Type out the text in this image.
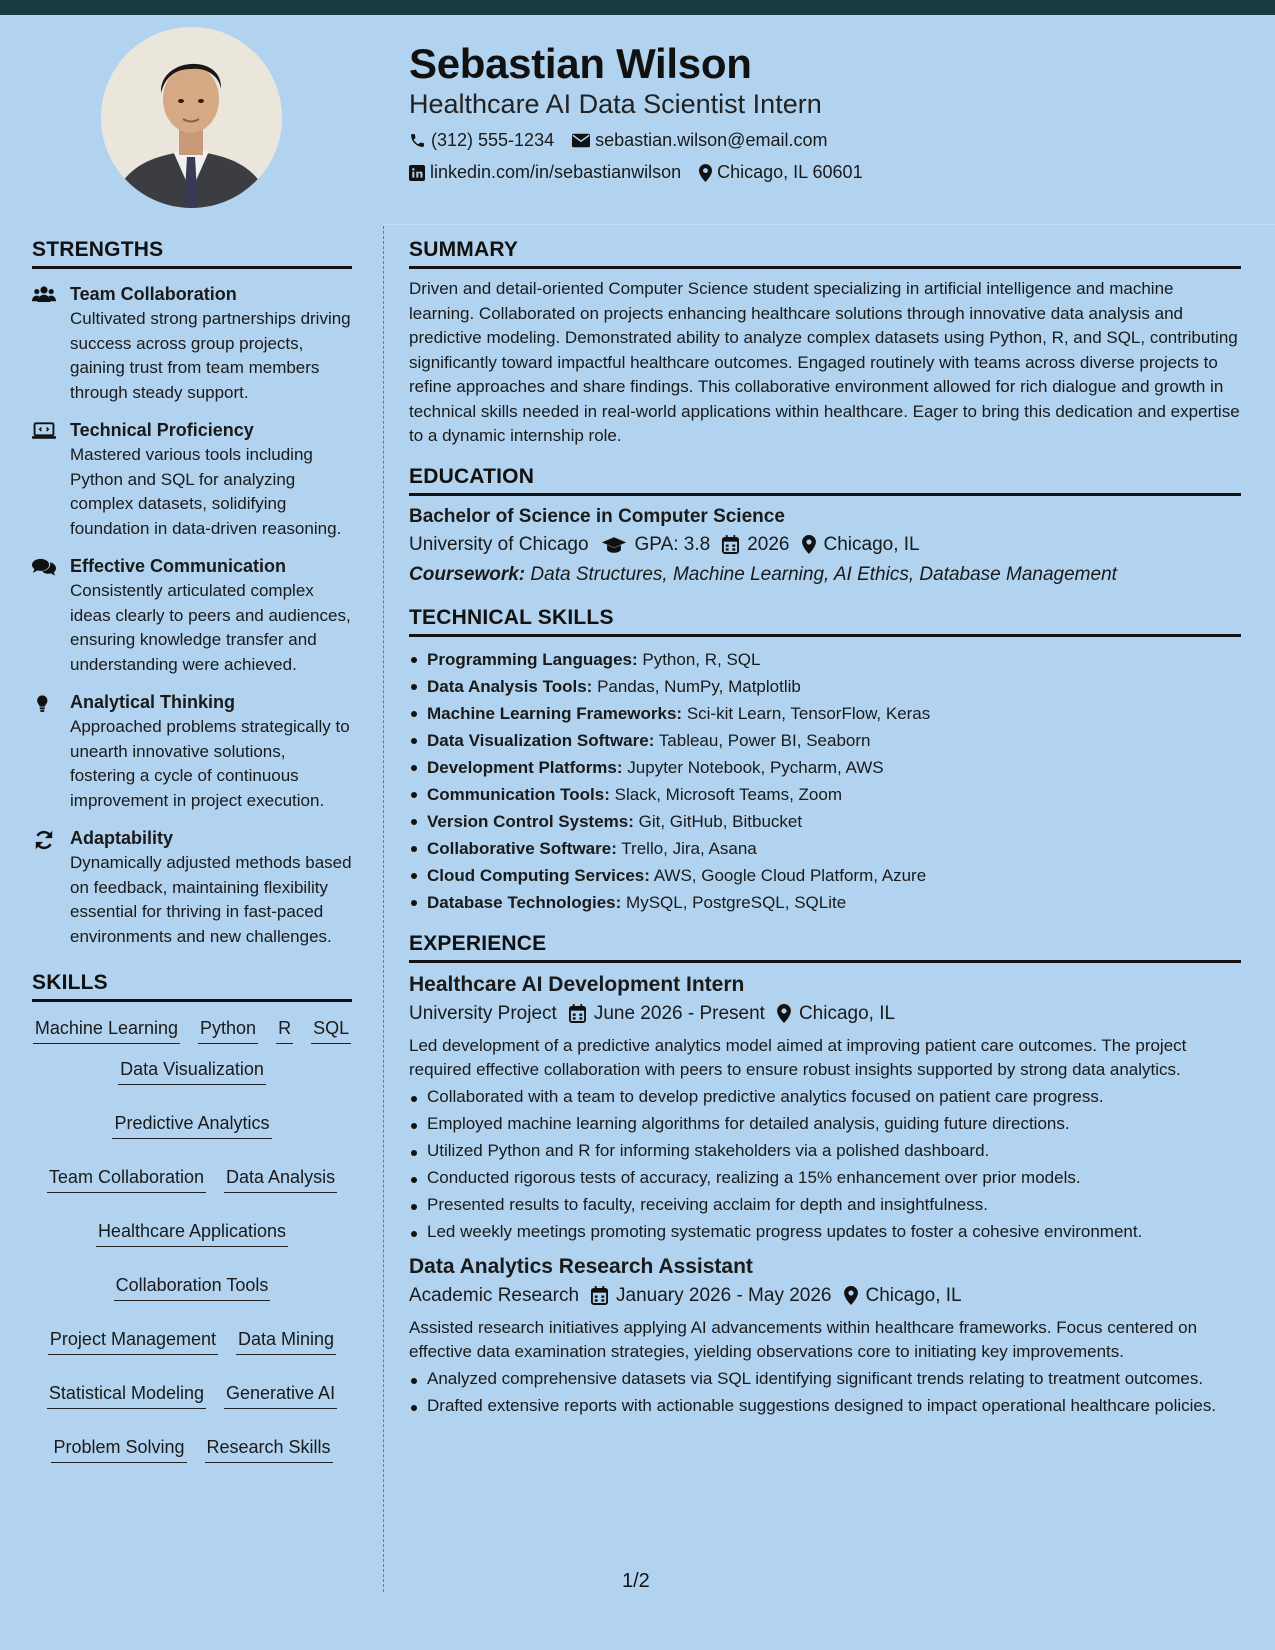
Sebastian Wilson
Healthcare AI Data Scientist Intern
(312) 555-1234 sebastian.wilson@email.com
linkedin.com/in/sebastianwilson Chicago, IL 60601
STRENGTHS
Team Collaboration
Cultivated strong partnerships driving success across group projects, gaining trust from team members through steady support.
Technical Proficiency
Mastered various tools including Python and SQL for analyzing complex datasets, solidifying foundation in data-driven reasoning.
Effective Communication
Consistently articulated complex ideas clearly to peers and audiences, ensuring knowledge transfer and understanding were achieved.
Analytical Thinking
Approached problems strategically to unearth innovative solutions, fostering a cycle of continuous improvement in project execution.
Adaptability
Dynamically adjusted methods based on feedback, maintaining flexibility essential for thriving in fast-paced environments and new challenges.
SKILLS
Machine Learning Python R SQL
Data Visualization
Predictive Analytics
Team Collaboration Data Analysis
Healthcare Applications
Collaboration Tools
Project Management Data Mining
Statistical Modeling Generative AI
Problem Solving Research Skills
SUMMARY
Driven and detail-oriented Computer Science student specializing in artificial intelligence and machine learning. Collaborated on projects enhancing healthcare solutions through innovative data analysis and predictive modeling. Demonstrated ability to analyze complex datasets using Python, R, and SQL, contributing significantly toward impactful healthcare outcomes. Engaged routinely with teams across diverse projects to refine approaches and share findings. This collaborative environment allowed for rich dialogue and growth in technical skills needed in real-world applications within healthcare. Eager to bring this dedication and expertise to a dynamic internship role.
EDUCATION
Bachelor of Science in Computer Science
University of Chicago GPA: 3.8 2026 Chicago, IL
Coursework: Data Structures, Machine Learning, AI Ethics, Database Management
TECHNICAL SKILLS
Programming Languages: Python, R, SQL
Data Analysis Tools: Pandas, NumPy, Matplotlib
Machine Learning Frameworks: Sci-kit Learn, TensorFlow, Keras
Data Visualization Software: Tableau, Power BI, Seaborn
Development Platforms: Jupyter Notebook, Pycharm, AWS
Communication Tools: Slack, Microsoft Teams, Zoom
Version Control Systems: Git, GitHub, Bitbucket
Collaborative Software: Trello, Jira, Asana
Cloud Computing Services: AWS, Google Cloud Platform, Azure
Database Technologies: MySQL, PostgreSQL, SQLite
EXPERIENCE
Healthcare AI Development Intern
University Project June 2026 - Present Chicago, IL
Led development of a predictive analytics model aimed at improving patient care outcomes. The project required effective collaboration with peers to ensure robust insights supported by strong data analytics.
Collaborated with a team to develop predictive analytics focused on patient care progress.
Employed machine learning algorithms for detailed analysis, guiding future directions.
Utilized Python and R for informing stakeholders via a polished dashboard.
Conducted rigorous tests of accuracy, realizing a 15% enhancement over prior models.
Presented results to faculty, receiving acclaim for depth and insightfulness.
Led weekly meetings promoting systematic progress updates to foster a cohesive environment.
Data Analytics Research Assistant
Academic Research January 2026 - May 2026 Chicago, IL
Assisted research initiatives applying AI advancements within healthcare frameworks. Focus centered on effective data examination strategies, yielding observations core to initiating key improvements.
Analyzed comprehensive datasets via SQL identifying significant trends relating to treatment outcomes.
Drafted extensive reports with actionable suggestions designed to impact operational healthcare policies.
1/2
